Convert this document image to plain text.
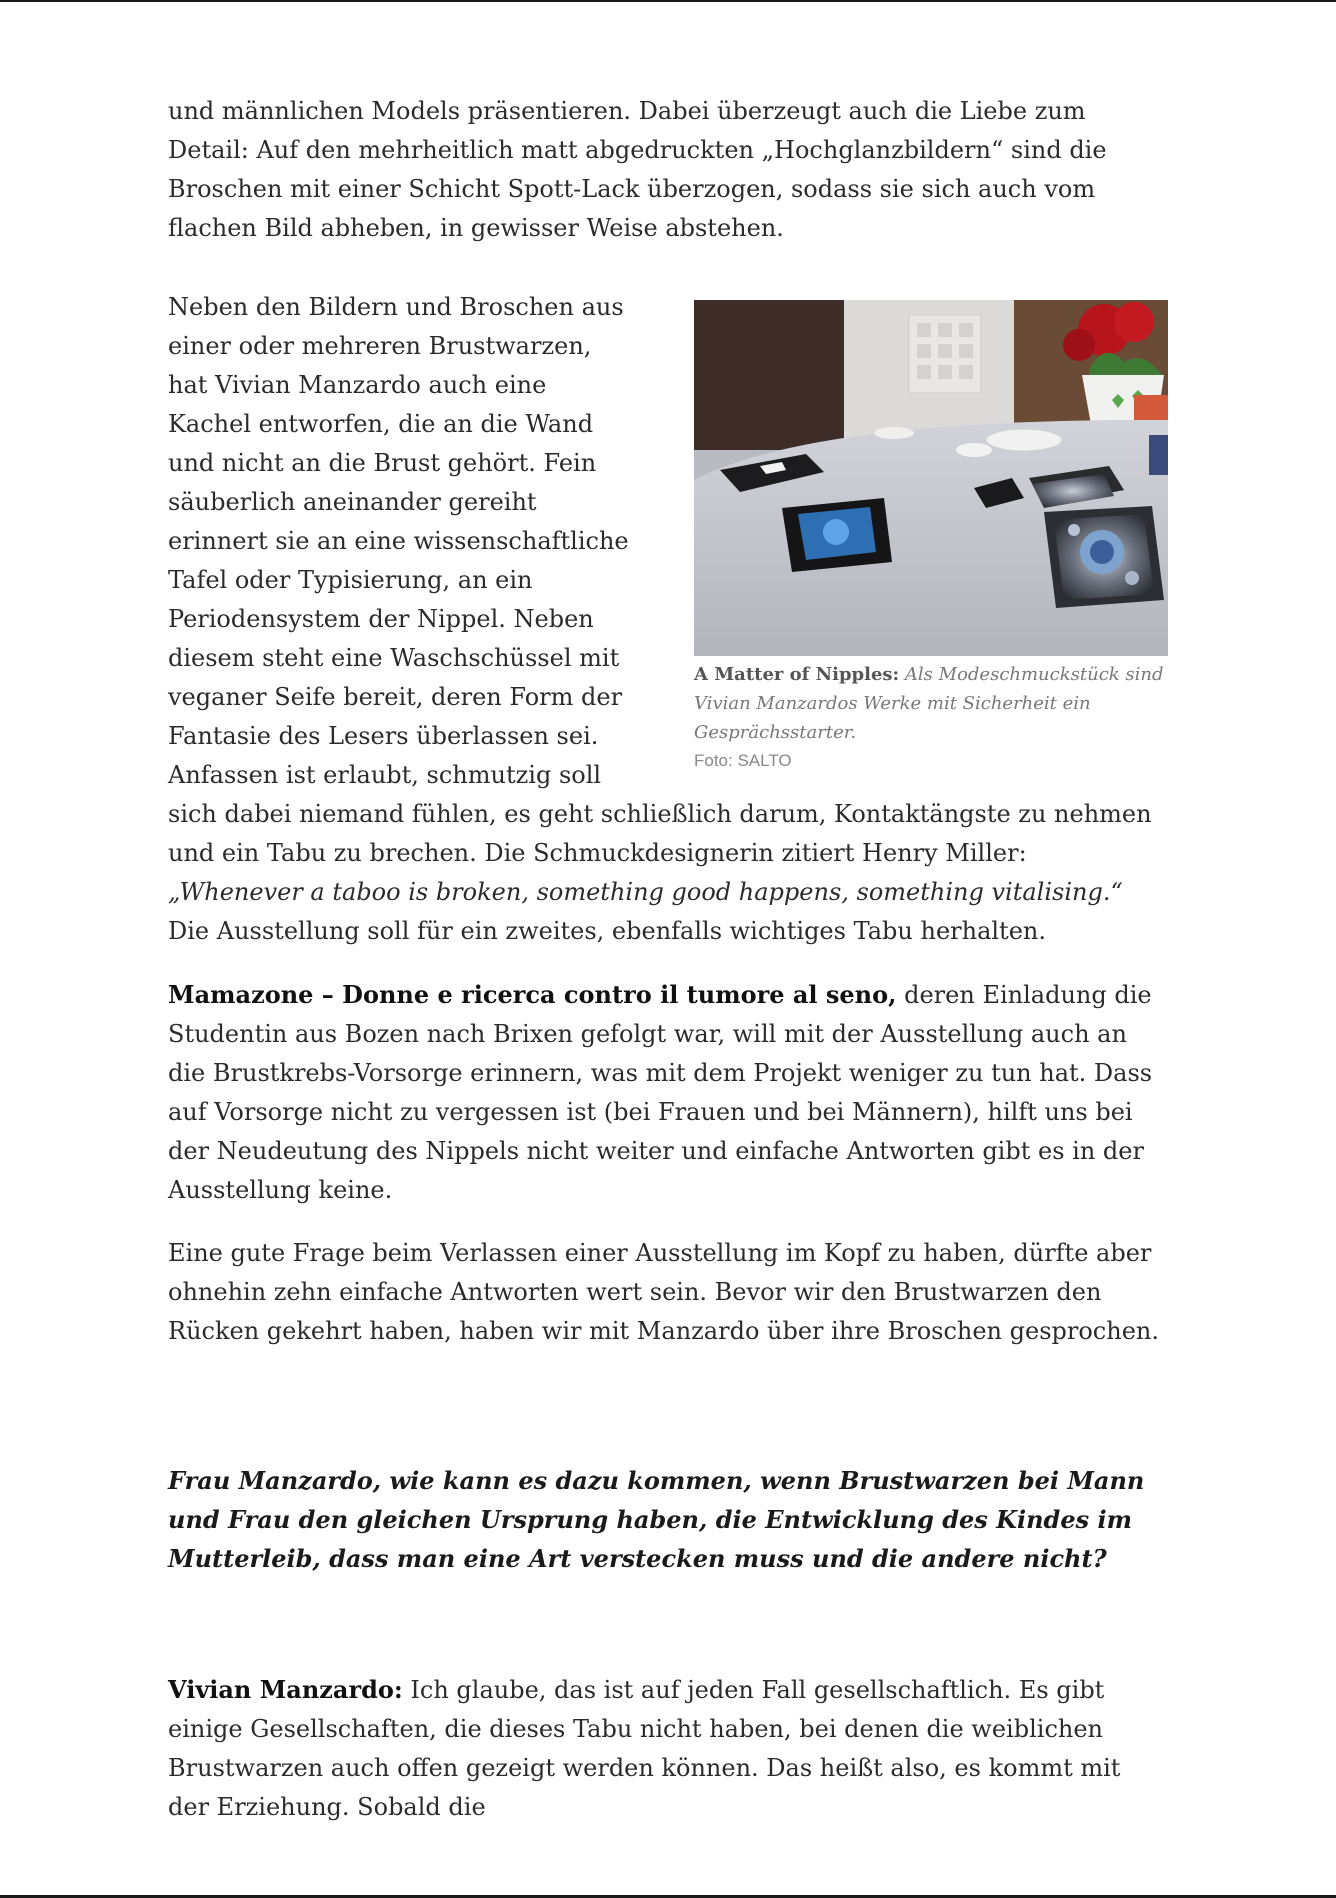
und männlichen Models präsentieren. Dabei überzeugt auch die Liebe zum Detail: Auf den mehrheitlich matt abgedruckten „Hochglanzbildern“ sind die Broschen mit einer Schicht Spott-Lack überzogen, sodass sie sich auch vom flachen Bild abheben, in gewisser Weise abstehen.

A Matter of Nipples: Als Modeschmuckstück sind Vivian Manzardos Werke mit Sicherheit ein Gesprächsstarter.
Foto: SALTO

Neben den Bildern und Broschen aus einer oder mehreren Brustwarzen, hat Vivian Manzardo auch eine Kachel entworfen, die an die Wand und nicht an die Brust gehört. Fein säuberlich aneinander gereiht erinnert sie an eine wissenschaftliche Tafel oder Typisierung, an ein Periodensystem der Nippel. Neben diesem steht eine Waschschüssel mit veganer Seife bereit, deren Form der Fantasie des Lesers überlassen sei. Anfassen ist erlaubt, schmutzig soll sich dabei niemand fühlen, es geht schließlich darum, Kontaktängste zu nehmen und ein Tabu zu brechen. Die Schmuckdesignerin zitiert Henry Miller: „Whenever a taboo is broken, something good happens, something vitalising.“ Die Ausstellung soll für ein zweites, ebenfalls wichtiges Tabu herhalten.

Mamazone – Donne e ricerca contro il tumore al seno, deren Einladung die Studentin aus Bozen nach Brixen gefolgt war, will mit der Ausstellung auch an die Brustkrebs-Vorsorge erinnern, was mit dem Projekt weniger zu tun hat. Dass auf Vorsorge nicht zu vergessen ist (bei Frauen und bei Männern), hilft uns bei der Neudeutung des Nippels nicht weiter und einfache Antworten gibt es in der Ausstellung keine.

Eine gute Frage beim Verlassen einer Ausstellung im Kopf zu haben, dürfte aber ohnehin zehn einfache Antworten wert sein. Bevor wir den Brustwarzen den Rücken gekehrt haben, haben wir mit Manzardo über ihre Broschen gesprochen.

Frau Manzardo, wie kann es dazu kommen, wenn Brustwarzen bei Mann und Frau den gleichen Ursprung haben, die Entwicklung des Kindes im Mutterleib, dass man eine Art verstecken muss und die andere nicht?

Vivian Manzardo: Ich glaube, das ist auf jeden Fall gesellschaftlich. Es gibt einige Gesellschaften, die dieses Tabu nicht haben, bei denen die weiblichen Brustwarzen auch offen gezeigt werden können. Das heißt also, es kommt mit der Erziehung. Sobald die
